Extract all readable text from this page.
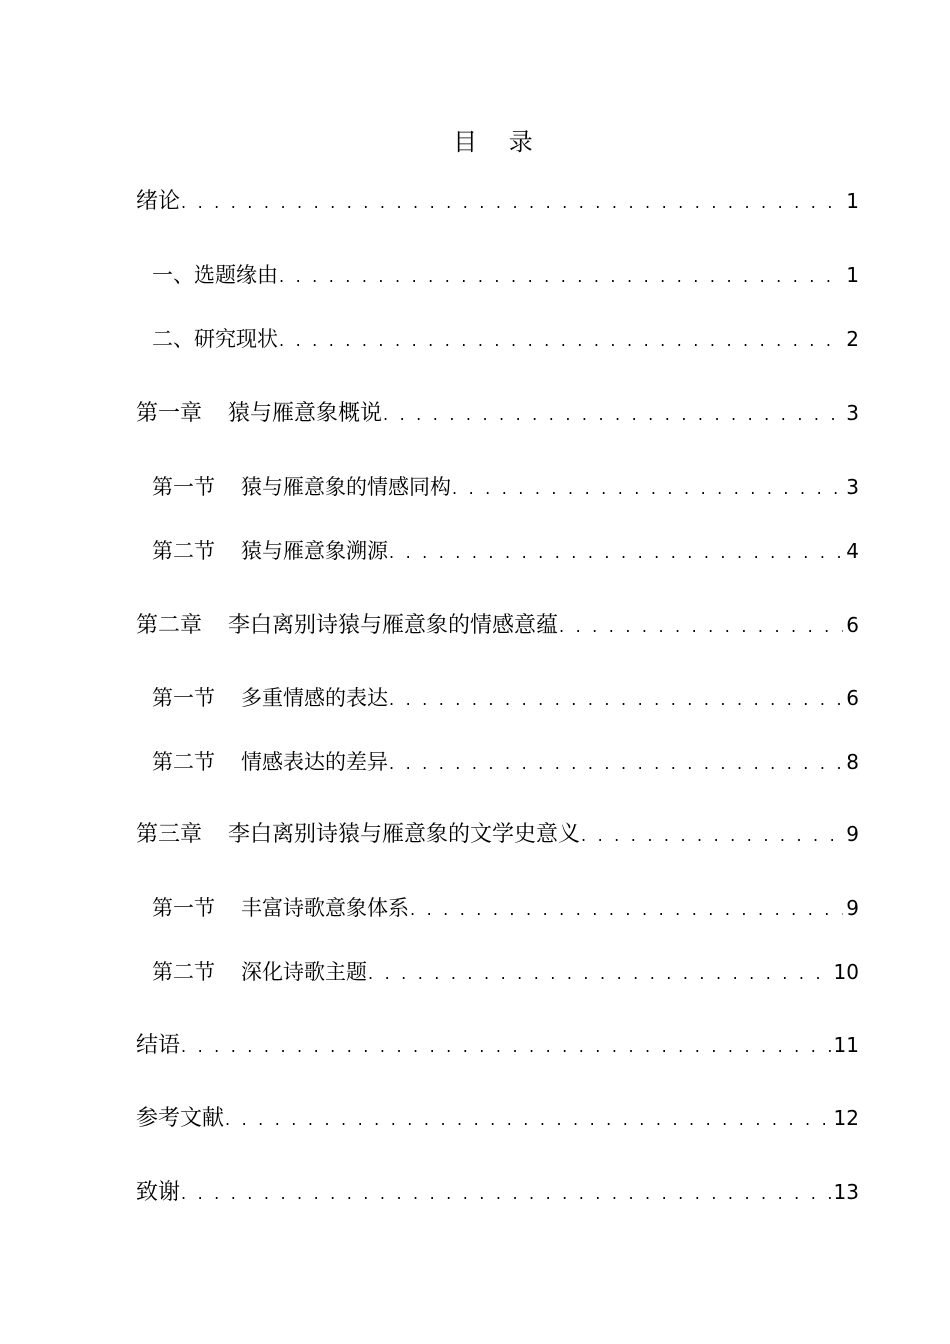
目 录
绪论 . . .	1
一、选题缘由 . . .	1
二、研究现状 . . .	2
第一章 猿与雁意象概说 . . .	3
第一节 猿与雁意象的情感同构 . . .	3
第二节 猿与雁意象溯源 . . .	4
第二章 李白离别诗猿与雁意象的情感意蕴 . . .	6
第一节 多重情感的表达 . . .	6
第二节 情感表达的差异 . . .	8
第三章 李白离别诗猿与雁意象的文学史意义 . . .	9
第一节 丰富诗歌意象体系 . . .	9
第二节 深化诗歌主题 . . .	10
结语 . . .	11
参考文献 . . .	12
致谢 . . .	13
